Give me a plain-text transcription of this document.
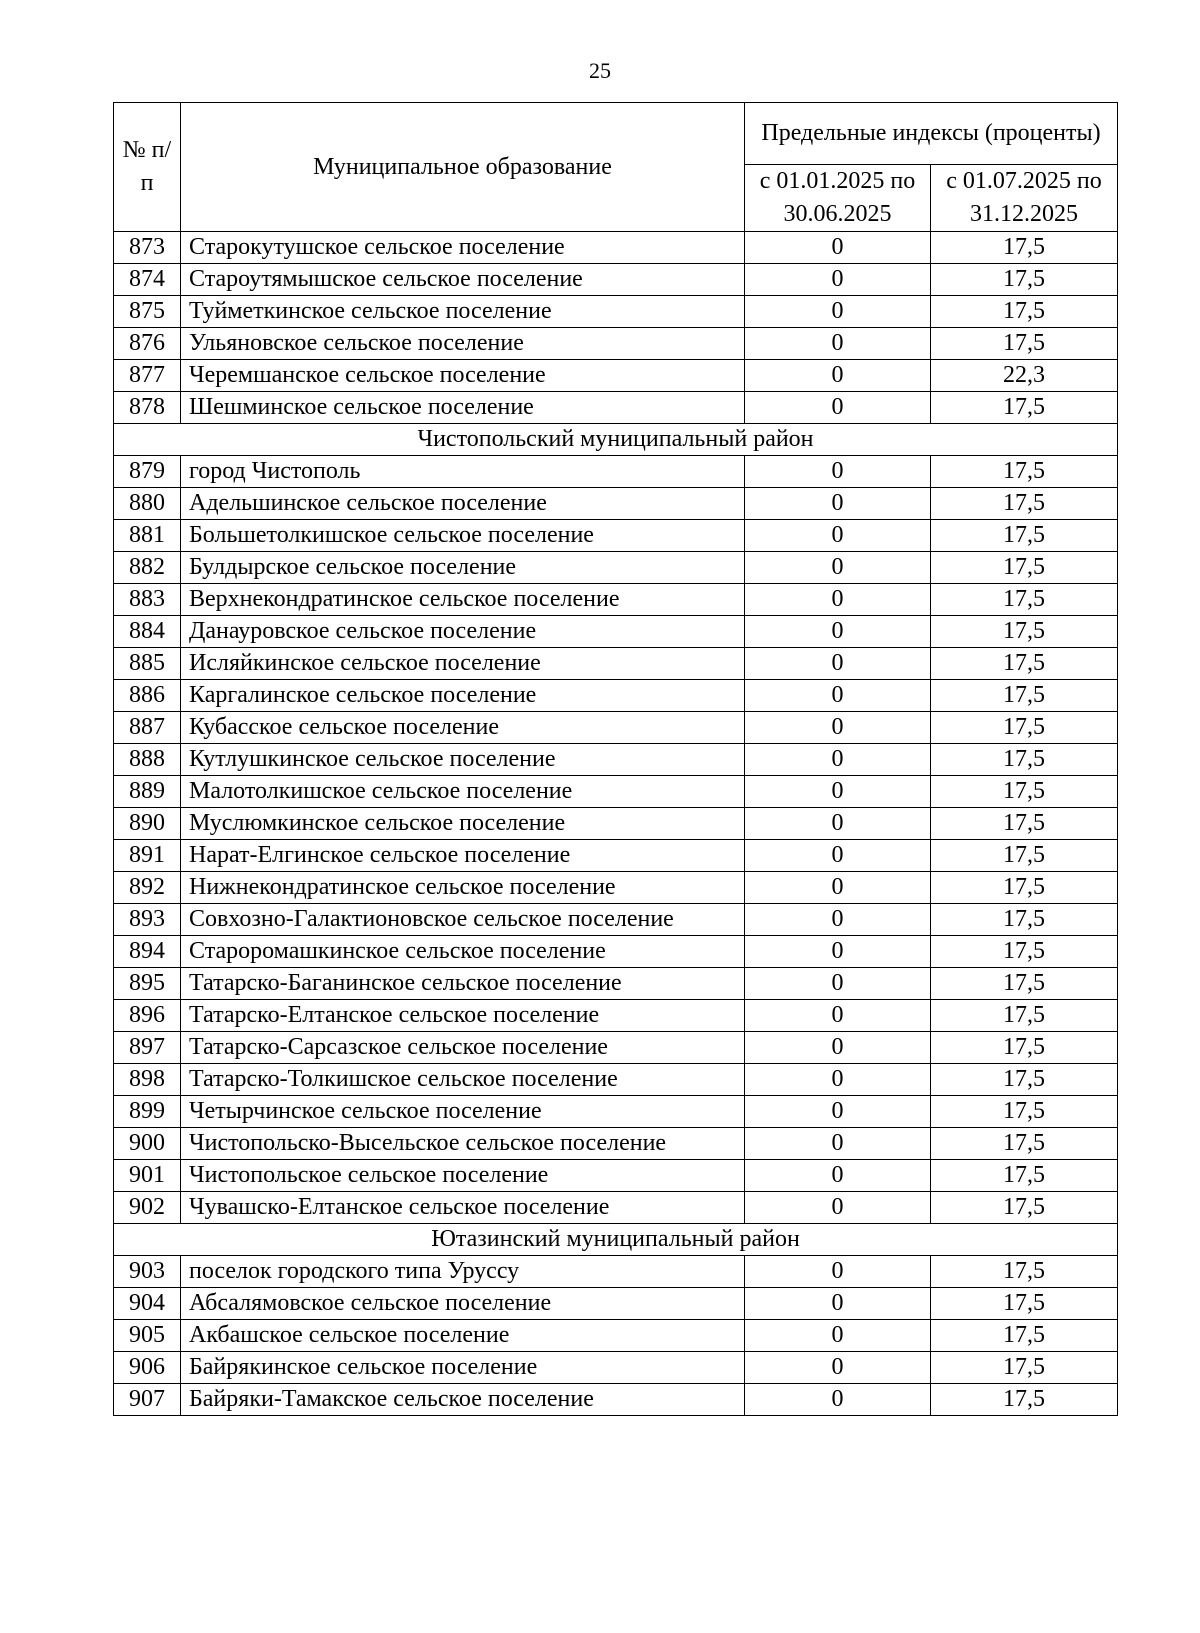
25
№ п/п	Муниципальное образование	Предельные индексы (проценты)	
		с 01.01.2025 по 30.06.2025	с 01.07.2025 по 31.12.2025
873	Старокутушское сельское поселение	0	17,5
874	Староутямышское сельское поселение	0	17,5
875	Туйметкинское сельское поселение	0	17,5
876	Ульяновское сельское поселение	0	17,5
877	Черемшанское сельское поселение	0	22,3
878	Шешминское сельское поселение	0	17,5
Чистопольский муниципальный район			
879	город Чистополь	0	17,5
880	Адельшинское сельское поселение	0	17,5
881	Большетолкишское сельское поселение	0	17,5
882	Булдырское сельское поселение	0	17,5
883	Верхнекондратинское сельское поселение	0	17,5
884	Данауровское сельское поселение	0	17,5
885	Исляйкинское сельское поселение	0	17,5
886	Каргалинское сельское поселение	0	17,5
887	Кубасское сельское поселение	0	17,5
888	Кутлушкинское сельское поселение	0	17,5
889	Малотолкишское сельское поселение	0	17,5
890	Муслюмкинское сельское поселение	0	17,5
891	Нарат-Елгинское сельское поселение	0	17,5
892	Нижнекондратинское сельское поселение	0	17,5
893	Совхозно-Галактионовское сельское поселение	0	17,5
894	Староромашкинское сельское поселение	0	17,5
895	Татарско-Баганинское сельское поселение	0	17,5
896	Татарско-Елтанское сельское поселение	0	17,5
897	Татарско-Сарсазское сельское поселение	0	17,5
898	Татарско-Толкишское сельское поселение	0	17,5
899	Четырчинское сельское поселение	0	17,5
900	Чистопольско-Высельское сельское поселение	0	17,5
901	Чистопольское сельское поселение	0	17,5
902	Чувашско-Елтанское сельское поселение	0	17,5
Ютазинский муниципальный район			
903	поселок городского типа Уруссу	0	17,5
904	Абсалямовское сельское поселение	0	17,5
905	Акбашское сельское поселение	0	17,5
906	Байрякинское сельское поселение	0	17,5
907	Байряки-Тамакское сельское поселение	0	17,5
